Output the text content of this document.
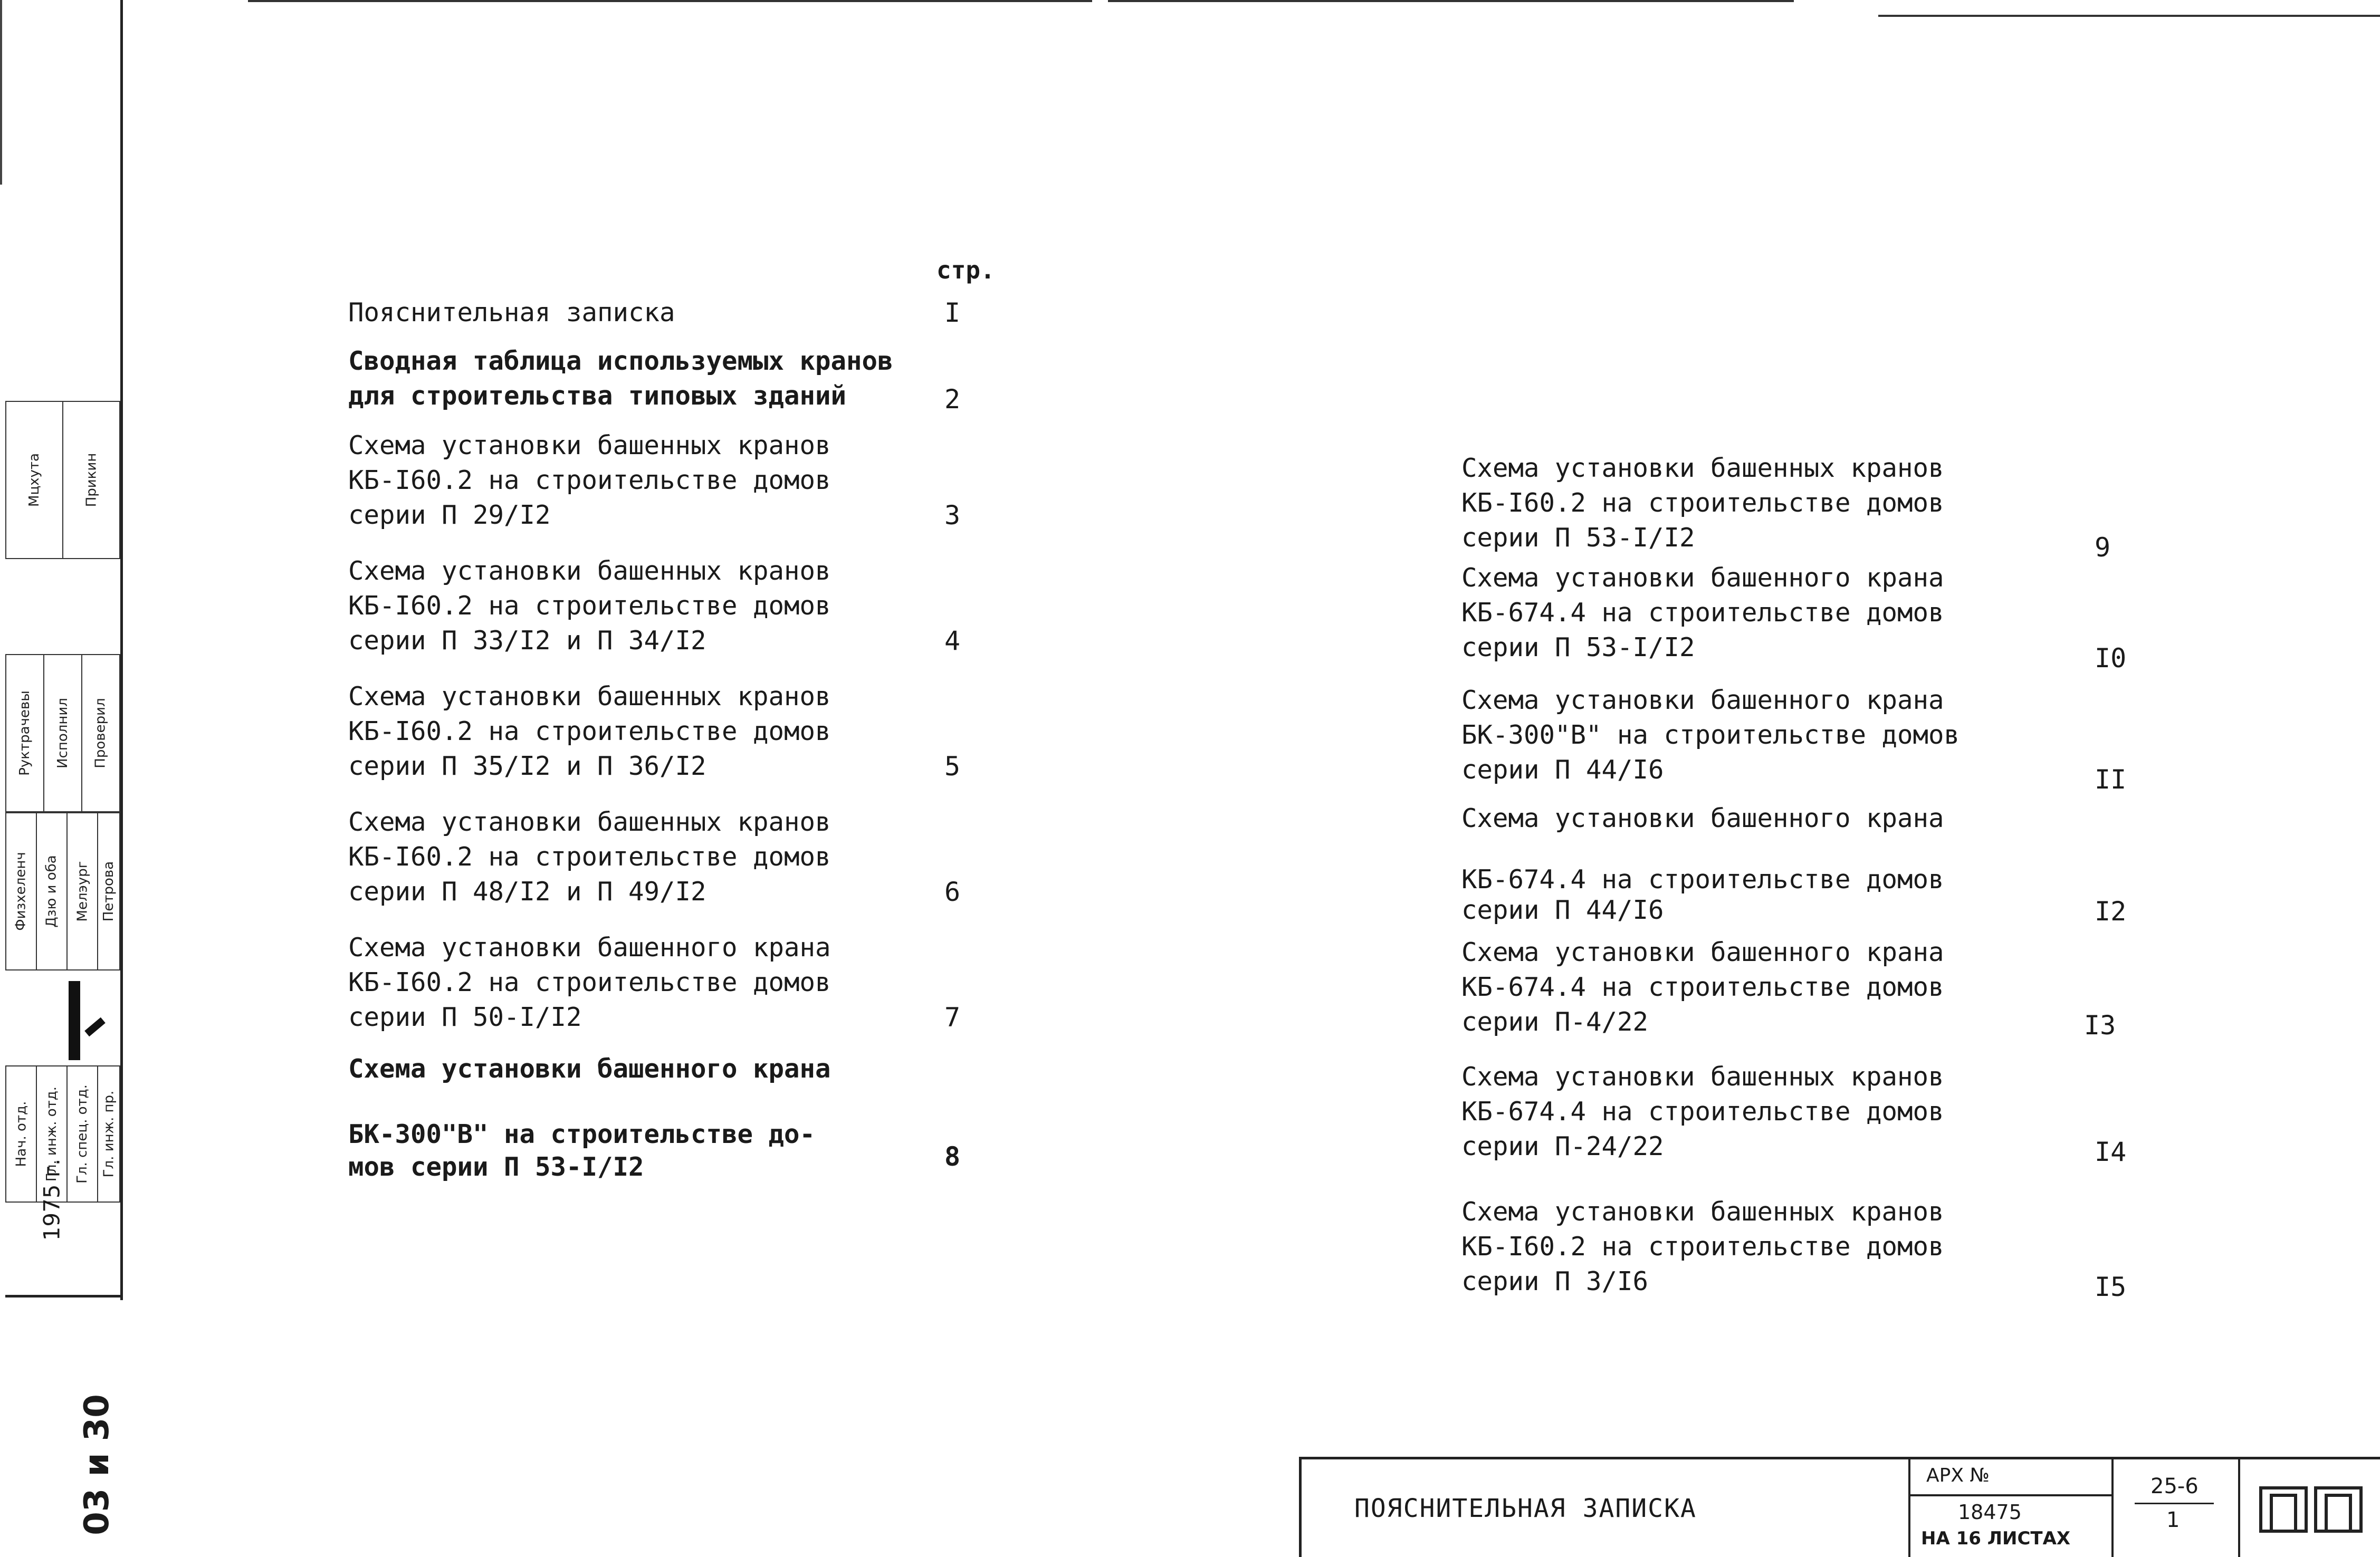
Нач. отд. Гл. инж. отд. Гл. спец. отд. Гл. инж. пр.
Физхеленч Дзю и оба Мелэург Петрова
Руктрачевы Исполнил Проверил
Мцхута	Прикин
1975 г.
03 и 30
стр.
Пояснительная записка	I
Сводная таблица используемых кранов
для строительства типовых зданий	2
Схема установки башенных кранов
КБ-I60.2 на строительстве домов
серии П 29/I2	3
Схема установки башенных кранов
КБ-I60.2 на строительстве домов
серии П 33/I2 и П 34/I2	4
Схема установки башенных кранов
КБ-I60.2 на строительстве домов
серии П 35/I2 и П 36/I2	5
Схема установки башенных кранов
КБ-I60.2 на строительстве домов
серии П 48/I2 и П 49/I2	6
Схема установки башенного крана
КБ-I60.2 на строительстве домов
серии П 50-I/I2	7
Схема установки башенного крана

БК-300"В" на строительстве до-
мов серии П 53-I/I2	8
Схема установки башенных кранов
КБ-I60.2 на строительстве домов
серии П 53-I/I2	9
Схема установки башенного крана
КБ-674.4 на строительстве домов
серии П 53-I/I2	I0
Схема установки башенного крана
БК-300"В" на строительстве домов
серии П 44/I6	II
Схема установки башенного крана

КБ-674.4 на строительстве домов
серии П 44/I6	I2
Схема установки башенного крана
КБ-674.4 на строительстве домов
серии П-4/22	I3
Схема установки башенных кранов
КБ-674.4 на строительстве домов
серии П-24/22	I4
Схема установки башенных кранов
КБ-I60.2 на строительстве домов
серии П 3/I6	I5
ПОЯСНИТЕЛЬНАЯ ЗАПИСКА
АРХ №
18475
НА 16 ЛИСТАХ
25-6
1
